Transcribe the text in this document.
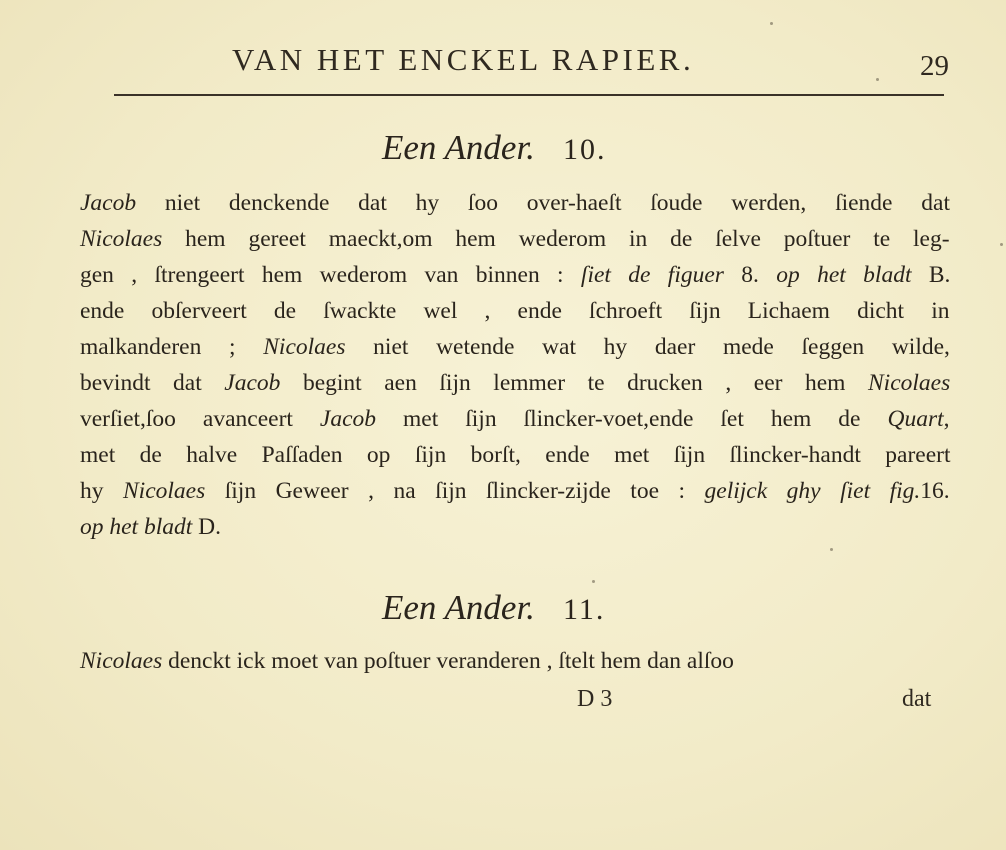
VAN HET ENCKEL RAPIER.	29
Een Ander. 10.
Jacob niet denckende dat hy ſoo over-haeſt ſoude werden, ſiende dat
Nicolaes hem gereet maeckt,om hem wederom in de ſelve poſtuer te leg-
gen , ſtrengeert hem wederom van binnen : ſiet de figuer 8. op het bladt B.
ende obſerveert de ſwackte wel , ende ſchroeft ſijn Lichaem dicht in
malkanderen ; Nicolaes niet wetende wat hy daer mede ſeggen wilde,
bevindt dat Jacob begint aen ſijn lemmer te drucken , eer hem Nicolaes
verſiet,ſoo avanceert Jacob met ſijn ſlincker-voet,ende ſet hem de Quart,
met de halve Paſſaden op ſijn borſt, ende met ſijn ſlincker-handt pareert
hy Nicolaes ſijn Geweer , na ſijn ſlincker-zijde toe : gelijck ghy ſiet fig.16.
op het bladt D.
Een Ander. 11.
Nicolaes denckt ick moet van poſtuer veranderen , ſtelt hem dan alſoo
D 3	dat
